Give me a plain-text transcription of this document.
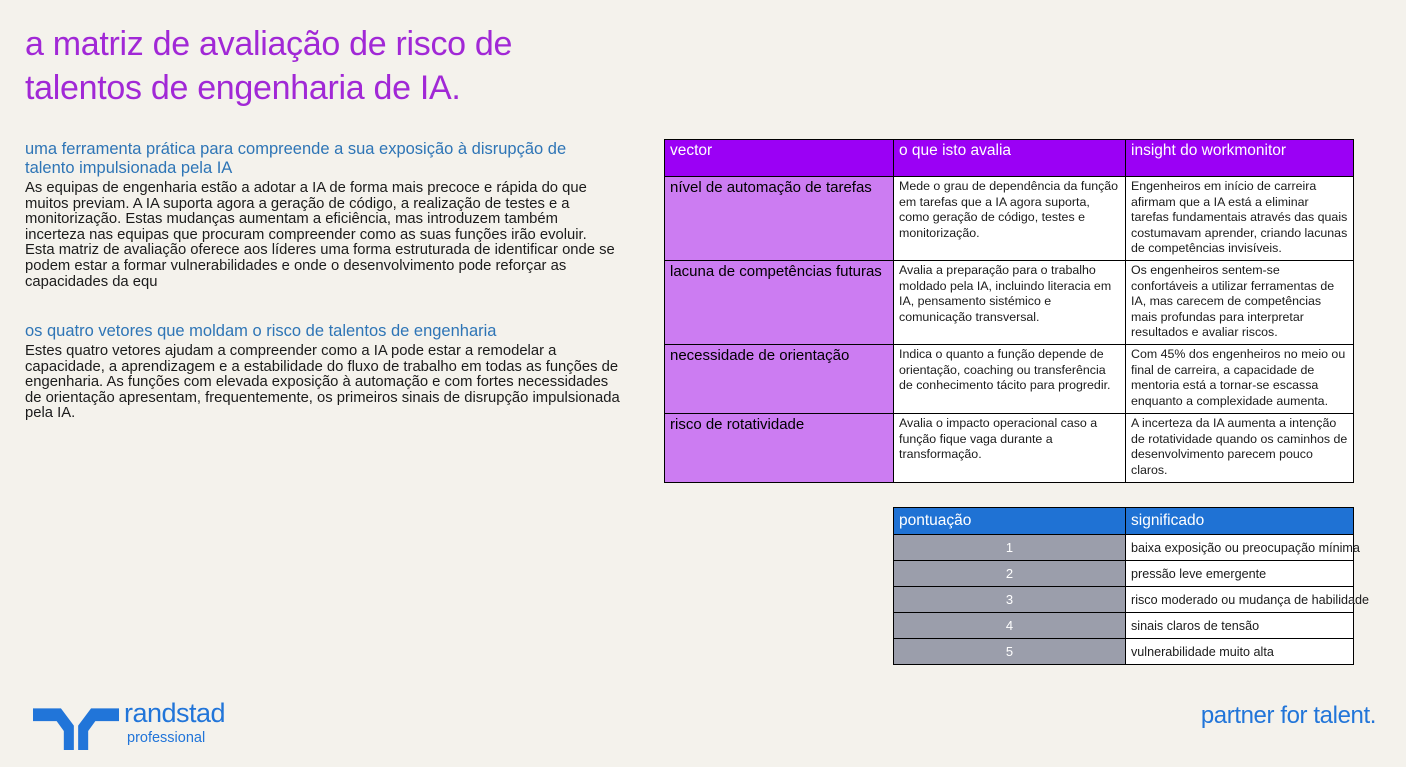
a matriz de avaliação de risco de talentos de engenharia de IA.
uma ferramenta prática para compreende a sua exposição à disrupção de talento impulsionada pela IA
As equipas de engenharia estão a adotar a IA de forma mais precoce e rápida do que muitos previam. A IA suporta agora a geração de código, a realização de testes e a monitorização. Estas mudanças aumentam a eficiência, mas introduzem também incerteza nas equipas que procuram compreender como as suas funções irão evoluir. Esta matriz de avaliação oferece aos líderes uma forma estruturada de identificar onde se podem estar a formar vulnerabilidades e onde o desenvolvimento pode reforçar as capacidades da equ
os quatro vetores que moldam o risco de talentos de engenharia
Estes quatro vetores ajudam a compreender como a IA pode estar a remodelar a capacidade, a aprendizagem e a estabilidade do fluxo de trabalho em todas as funções de engenharia. As funções com elevada exposição à automação e com fortes necessidades de orientação apresentam, frequentemente, os primeiros sinais de disrupção impulsionada pela IA.
vector	o que isto avalia	insight do workmonitor
nível de automação de tarefas	Mede o grau de dependência da função em tarefas que a IA agora suporta, como geração de código, testes e monitorização.	Engenheiros em início de carreira afirmam que a IA está a eliminar tarefas fundamentais através das quais costumavam aprender, criando lacunas de competências invisíveis.
lacuna de competências futuras	Avalia a preparação para o trabalho moldado pela IA, incluindo literacia em IA, pensamento sistémico e comunicação transversal.	Os engenheiros sentem-se confortáveis a utilizar ferramentas de IA, mas carecem de competências mais profundas para interpretar resultados e avaliar riscos.
necessidade de orientação	Indica o quanto a função depende de orientação, coaching ou transferência de conhecimento tácito para progredir.	Com 45% dos engenheiros no meio ou final de carreira, a capacidade de mentoria está a tornar-se escassa enquanto a complexidade aumenta.
risco de rotatividade	Avalia o impacto operacional caso a função fique vaga durante a transformação.	A incerteza da IA aumenta a intenção de rotatividade quando os caminhos de desenvolvimento parecem pouco claros.
pontuação	significado
1	baixa exposição ou preocupação mínima
2	pressão leve emergente
3	risco moderado ou mudança de habilidade
4	sinais claros de tensão
5	vulnerabilidade muito alta
randstad
professional
partner for talent.
